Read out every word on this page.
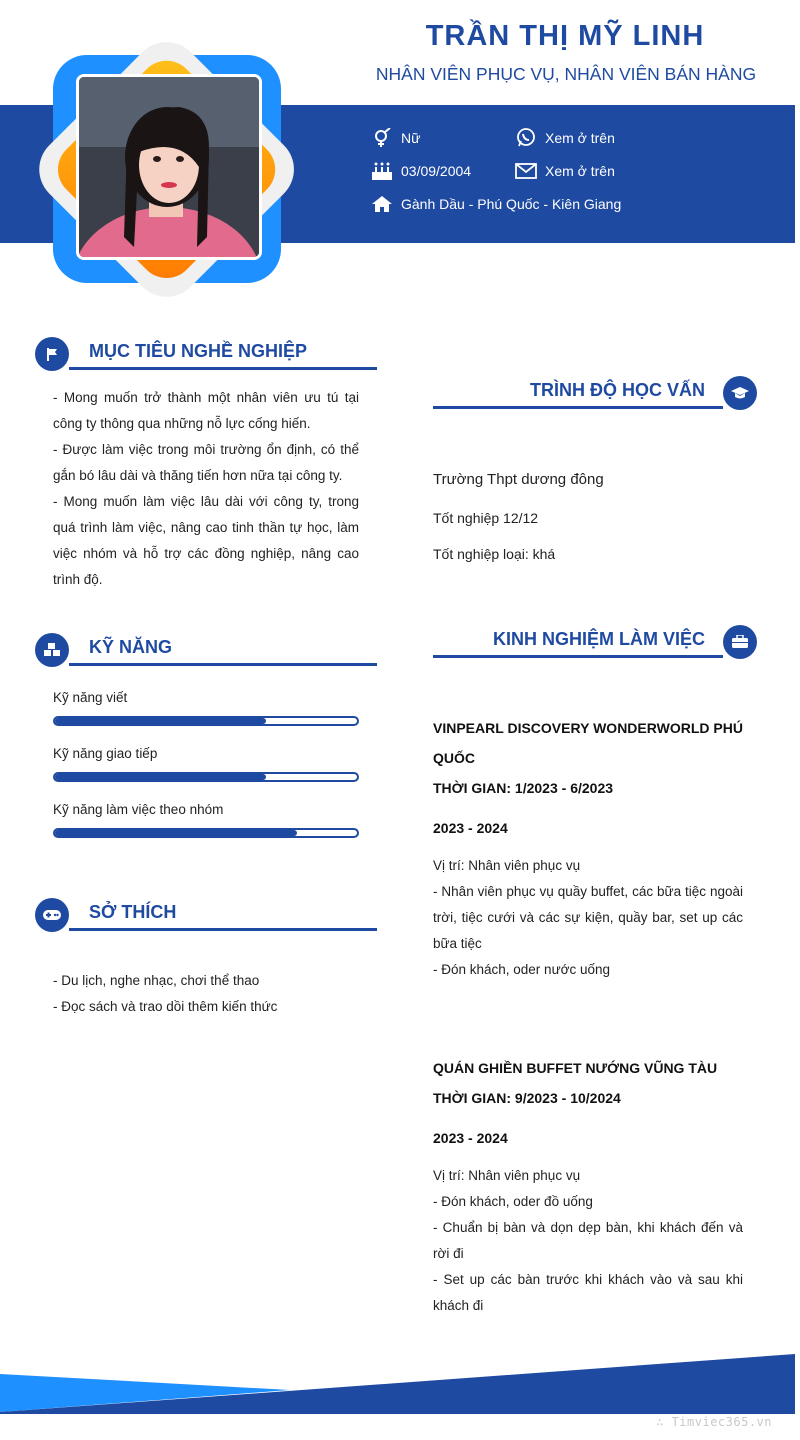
TRẦN THỊ MỸ LINH
NHÂN VIÊN PHỤC VỤ, NHÂN VIÊN BÁN HÀNG
Nữ	Xem ở trên
03/09/2004	Xem ở trên
Gành Dầu - Phú Quốc - Kiên Giang
MỤC TIÊU NGHỀ NGHIỆP
- Mong muốn trở thành một nhân viên ưu tú tại công ty thông qua những nỗ lực cống hiến.
- Được làm việc trong môi trường ổn định, có thể gắn bó lâu dài và thăng tiến hơn nữa tại công ty.
- Mong muốn làm việc lâu dài với công ty, trong quá trình làm việc, nâng cao tinh thần tự học, làm việc nhóm và hỗ trợ các đồng nghiệp, nâng cao trình độ.
KỸ NĂNG
Kỹ năng viết
Kỹ năng giao tiếp
Kỹ năng làm việc theo nhóm
SỞ THÍCH
- Du lịch, nghe nhạc, chơi thể thao
- Đọc sách và trao dồi thêm kiến thức
TRÌNH ĐỘ HỌC VẤN
Trường Thpt dương đông
Tốt nghiệp 12/12
Tốt nghiệp loại: khá
KINH NGHIỆM LÀM VIỆC
VINPEARL DISCOVERY WONDERWORLD PHÚ QUỐC
THỜI GIAN: 1/2023 - 6/2023
2023 - 2024
Vị trí: Nhân viên phục vụ
- Nhân viên phục vụ quầy buffet, các bữa tiệc ngoài trời, tiệc cưới và các sự kiện, quầy bar, set up các bữa tiệc
- Đón khách, oder nước uống
QUÁN GHIỀN BUFFET NƯỚNG VŨNG TÀU
THỜI GIAN: 9/2023 - 10/2024
2023 - 2024
Vị trí: Nhân viên phục vụ
- Đón khách, oder đồ uống
- Chuẩn bị bàn và dọn dẹp bàn, khi khách đến và rời đi
- Set up các bàn trước khi khách vào và sau khi khách đi
∴ Timviec365.vn
